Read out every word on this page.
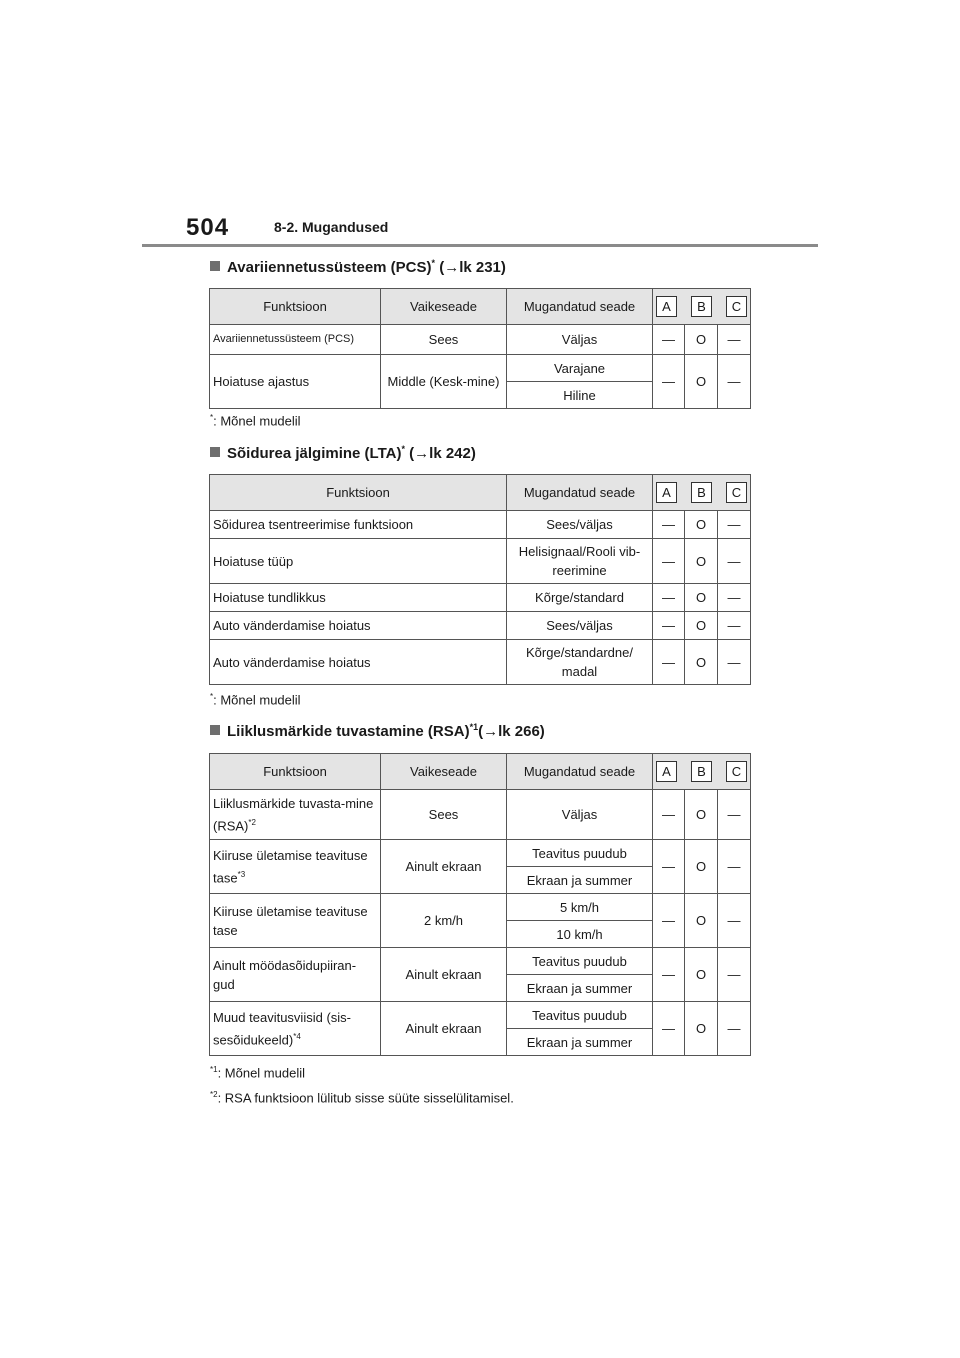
504	8-2. Mugandused
Avariiennetussüsteem (PCS)* (→lk 231)
Funktsioon	Vaikeseade	Mugandatud seade	A B C		

Avariiennetussüsteem (PCS)	Sees	Väljas	—	O	—
Hoiatuse ajastus	Middle (Kesk-mine)	Varajane	—	O	—
		Hiline			
*: Mõnel mudelil
Sõidurea jälgimine (LTA)* (→lk 242)
Funktsioon	Mugandatud seade	A B C		

Sõidurea tsentreerimise funktsioon	Sees/väljas	—	O	—
Hoiatuse tüüp	Helisignaal/Rooli vib-reerimine	—	O	—
Hoiatuse tundlikkus	Kõrge/standard	—	O	—
Auto vänderdamise hoiatus	Sees/väljas	—	O	—
Auto vänderdamise hoiatus	Kõrge/standardne/ madal	—	O	—
*: Mõnel mudelil
Liiklusmärkide tuvastamine (RSA)$^{*1}$(→lk 266)
Funktsioon	Vaikeseade	Mugandatud seade	A B C		

Liiklusmärkide tuvasta-mine (RSA)$^{*2}$	Sees	Väljas	—	O	—
Kiiruse ületamise teavituse tase$^{*3}$	Ainult ekraan	Teavitus puudub	—	O	—
		Ekraan ja summer			
Kiiruse ületamise teavituse tase	2 km/h	5 km/h	—	O	—
		10 km/h			
Ainult möödasõidupiiran-gud	Ainult ekraan	Teavitus puudub	—	O	—
		Ekraan ja summer			
Muud teavitusviisid (sis-sesõidukeeld)$^{*4}$	Ainult ekraan	Teavitus puudub	—	O	—
		Ekraan ja summer			
$^{*1}$: Mõnel mudelil
$^{*2}$: RSA funktsioon lülitub sisse süüte sisselülitamisel.
